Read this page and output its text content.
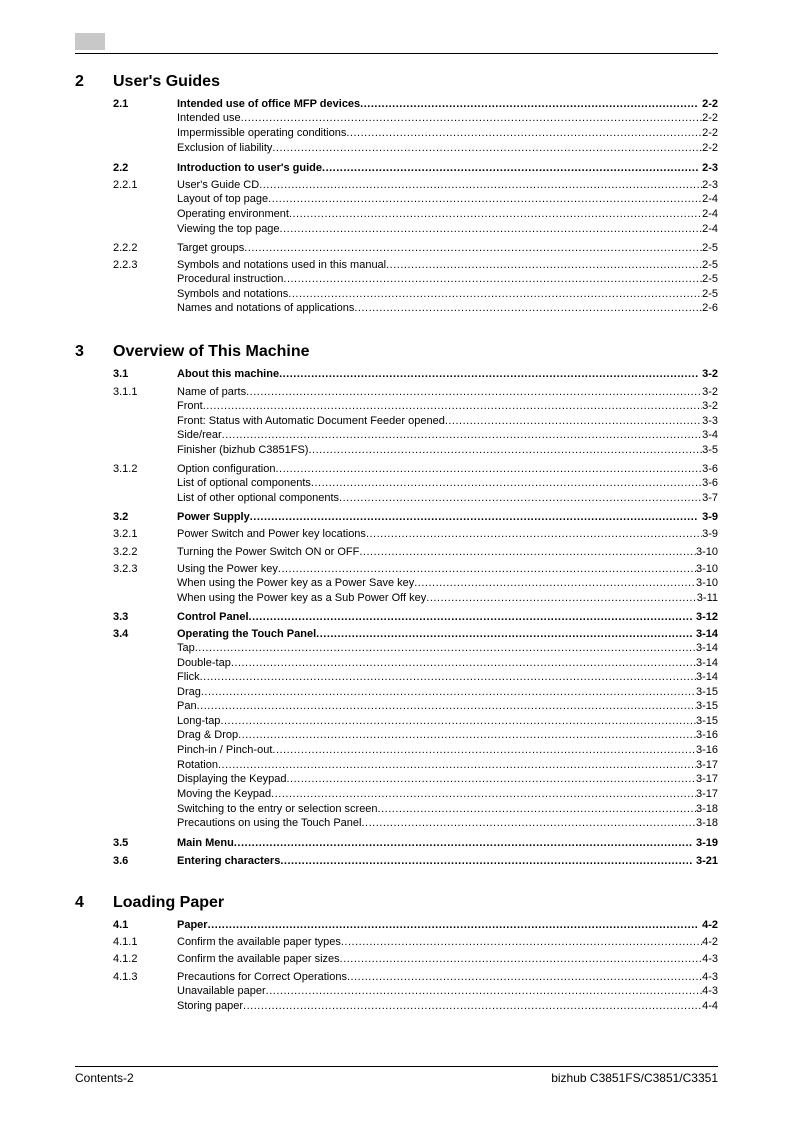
2 User's Guides
2.1	Intended use of office MFP devices .....	2-2
Intended use .....	2-2
Impermissible operating conditions .....	2-2
Exclusion of liability .....	2-2
2.2	Introduction to user's guide .....	2-3
2.2.1	User's Guide CD .....	2-3
Layout of top page .....	2-4
Operating environment .....	2-4
Viewing the top page .....	2-4
2.2.2	Target groups .....	2-5
2.2.3	Symbols and notations used in this manual .....	2-5
Procedural instruction .....	2-5
Symbols and notations .....	2-5
Names and notations of applications .....	2-6
3 Overview of This Machine
3.1	About this machine .....	3-2
3.1.1	Name of parts .....	3-2
Front .....	3-2
Front: Status with Automatic Document Feeder opened .....	3-3
Side/rear .....	3-4
Finisher (bizhub C3851FS) .....	3-5
3.1.2	Option configuration .....	3-6
List of optional components .....	3-6
List of other optional components .....	3-7
3.2	Power Supply .....	3-9
3.2.1	Power Switch and Power key locations .....	3-9
3.2.2	Turning the Power Switch ON or OFF .....	3-10
3.2.3	Using the Power key .....	3-10
When using the Power key as a Power Save key .....	3-10
When using the Power key as a Sub Power Off key .....	3-11
3.3	Control Panel .....	3-12
3.4	Operating the Touch Panel .....	3-14
Tap .....	3-14
Double-tap .....	3-14
Flick .....	3-14
Drag .....	3-15
Pan .....	3-15
Long-tap .....	3-15
Drag & Drop .....	3-16
Pinch-in / Pinch-out .....	3-16
Rotation .....	3-17
Displaying the Keypad .....	3-17
Moving the Keypad .....	3-17
Switching to the entry or selection screen .....	3-18
Precautions on using the Touch Panel .....	3-18
3.5	Main Menu .....	3-19
3.6	Entering characters .....	3-21
4 Loading Paper
4.1	Paper .....	4-2
4.1.1	Confirm the available paper types .....	4-2
4.1.2	Confirm the available paper sizes .....	4-3
4.1.3	Precautions for Correct Operations .....	4-3
Unavailable paper .....	4-3
Storing paper .....	4-4
Contents-2	bizhub C3851FS/C3851/C3351
